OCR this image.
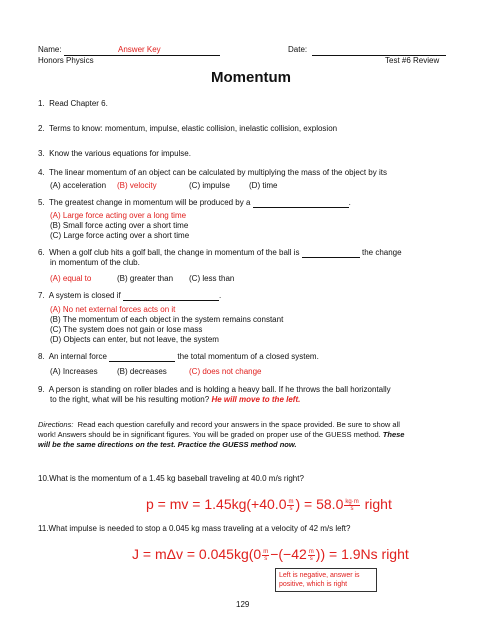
Name:	Answer Key	Date:
Honors Physics	Test #6 Review
Momentum
1. Read Chapter 6.
2. Terms to know: momentum, impulse, elastic collision, inelastic collision, explosion
3. Know the various equations for impulse.
4. The linear momentum of an object can be calculated by multiplying the mass of the object by its
(A) acceleration (B) velocity	(C) impulse (D) time
5. The greatest change in momentum will be produced by a	.
(A) Large force acting over a long time
(B) Small force acting over a short time
(C) Large force acting over a short time
6. When a golf club hits a golf ball, the change in momentum of the ball is	the change
in momentum of the club.
(A) equal to	(B) greater than (C) less than
7. A system is closed if	.
(A) No net external forces acts on it
(B) The momentum of each object in the system remains constant
(C) The system does not gain or lose mass
(D) Objects can enter, but not leave, the system
8. An internal force	the total momentum of a closed system.
(A) Increases (B) decreases	(C) does not change
9. A person is standing on roller blades and is holding a heavy ball. If he throws the ball horizontally
to the right, what will be his resulting motion? He will move to the left.
Directions: Read each question carefully and record your answers in the space provided. Be sure to show all
work! Answers should be in significant figures. You will be graded on proper use of the GUESS method. These
will be the same directions on the test. Practice the GUESS method now.
10.What is the momentum of a 1.45 kg baseball traveling at 40.0 m/s right?
p = mv = $1.45kg(+40.0 \frac{m}{s}$ ) = $58.0 \frac{kg\cdot m}{s}$ right
11.What impulse is needed to stop a 0.045 kg mass traveling at a velocity of 42 m/s left?
$J = m\Delta v = 0.045kg(0 \frac{m}{s} -(-42 \frac{m}{s}$ )) = 1.9Ns right
Left is negative, answer is positive, which is right
129
